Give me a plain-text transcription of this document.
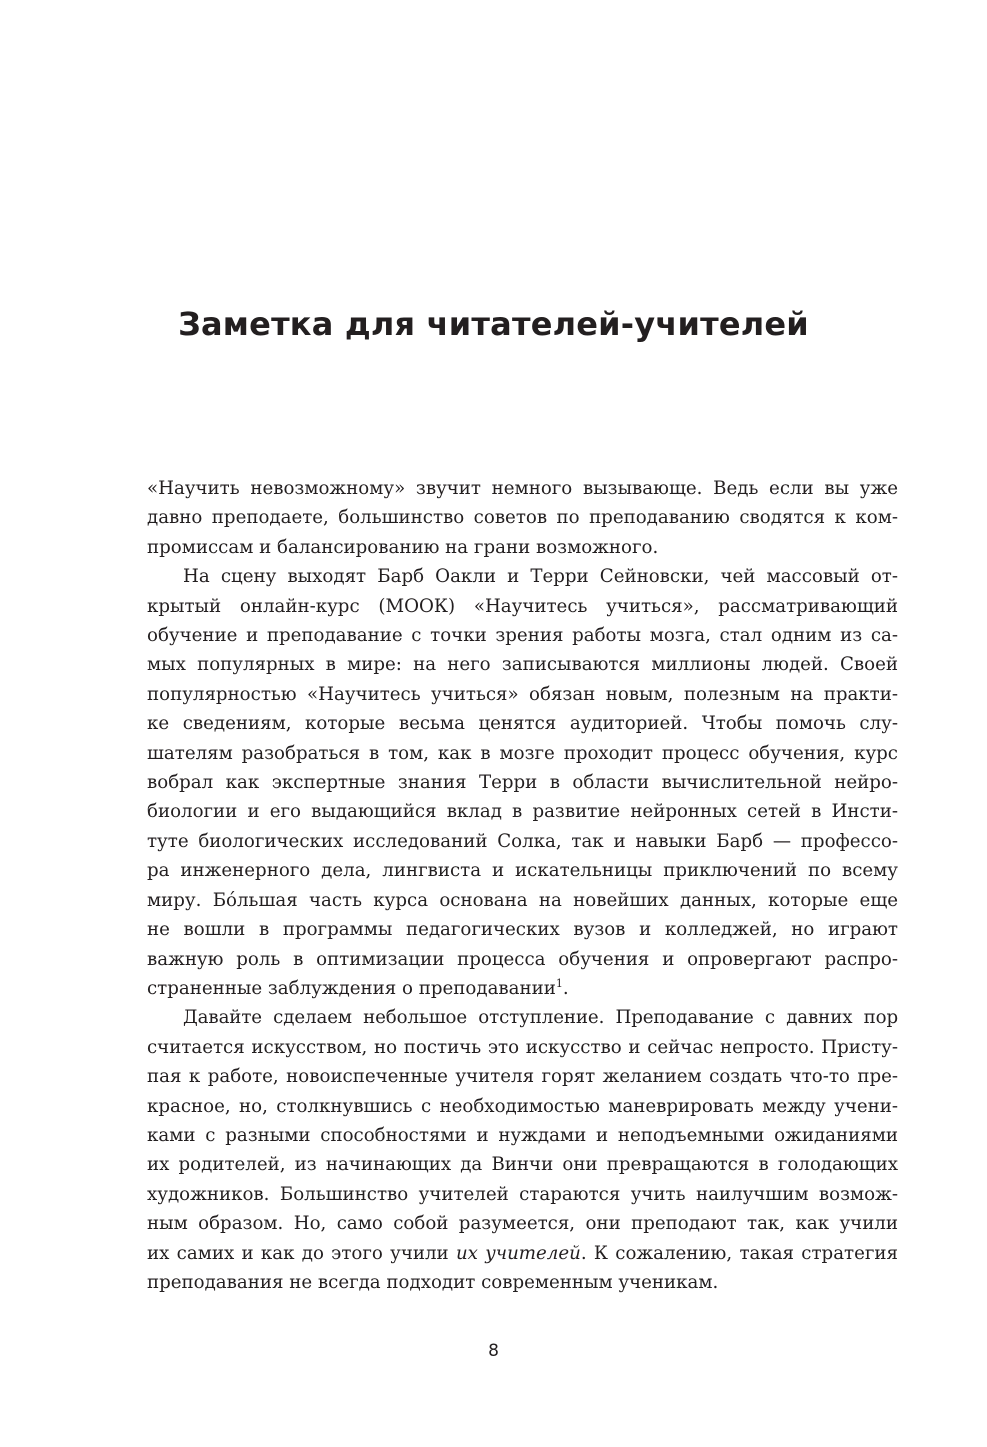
Заметка для читателей-учителей

«Научить невозможному» звучит немного вызывающе. Ведь если вы уже
давно преподаете, большинство советов по преподаванию сводятся к ком-
промиссам и балансированию на грани возможного.

На сцену выходят Барб Оакли и Терри Сейновски, чей массовый от-
крытый онлайн-курс (МООК) «Научитесь учиться», рассматривающий
обучение и преподавание с точки зрения работы мозга, стал одним из са-
мых популярных в мире: на него записываются миллионы людей. Своей
популярностью «Научитесь учиться» обязан новым, полезным на практи-
ке сведениям, которые весьма ценятся аудиторией. Чтобы помочь слу-
шателям разобраться в том, как в мозге проходит процесс обучения, курс
вобрал как экспертные знания Терри в области вычислительной нейро-
биологии и его выдающийся вклад в развитие нейронных сетей в Инсти-
туте биологических исследований Солка, так и навыки Барб — профессо-
ра инженерного дела, лингвиста и искательницы приключений по всему
миру. Бóльшая часть курса основана на новейших данных, которые еще
не вошли в программы педагогических вузов и колледжей, но играют
важную роль в оптимизации процесса обучения и опровергают распро-
страненные заблуждения о преподавании$^1$.

Давайте сделаем небольшое отступление. Преподавание с давних пор
считается искусством, но постичь это искусство и сейчас непросто. Присту-
пая к работе, новоиспеченные учителя горят желанием создать что-то пре-
красное, но, столкнувшись с необходимостью маневрировать между учени-
ками с разными способностями и нуждами и неподъемными ожиданиями
их родителей, из начинающих да Винчи они превращаются в голодающих
художников. Большинство учителей стараются учить наилучшим возмож-
ным образом. Но, само собой разумеется, они преподают так, как учили
их самих и как до этого учили их учителей. К сожалению, такая стратегия
преподавания не всегда подходит современным ученикам.

8
